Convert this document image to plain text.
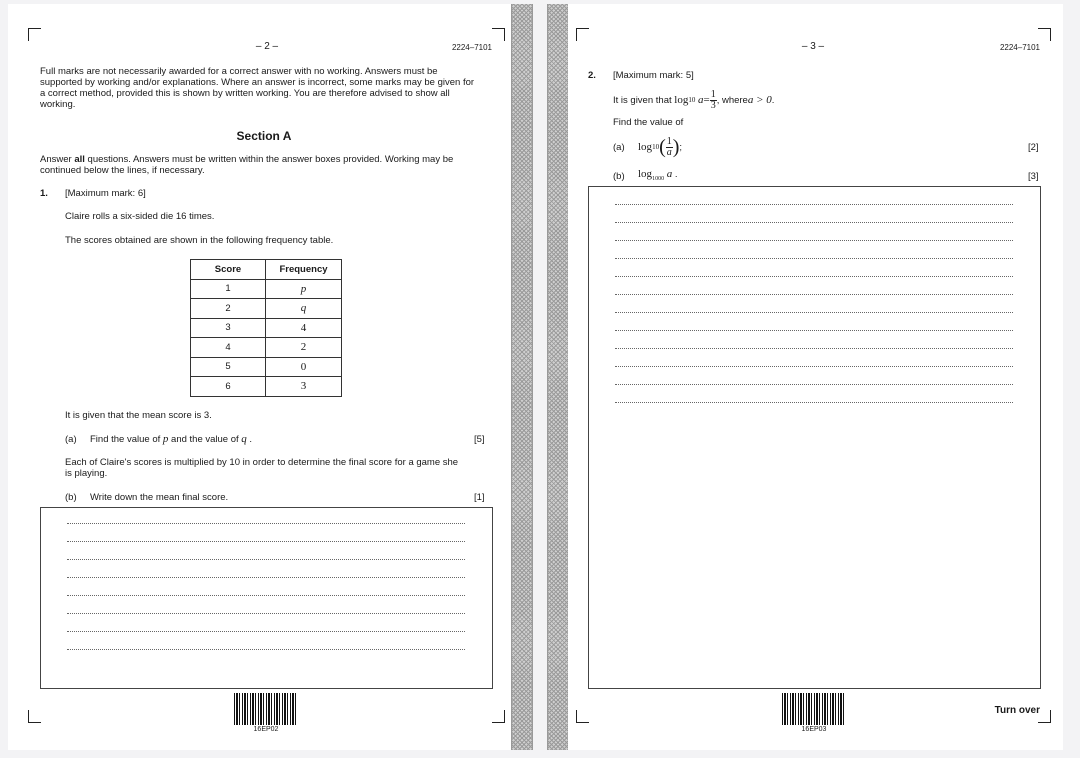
– 2 –	2224–7101
Full marks are not necessarily awarded for a correct answer with no working. Answers must be supported by working and/or explanations. Where an answer is incorrect, some marks may be given for a correct method, provided this is shown by written working. You are therefore advised to show all working.
Section A
Answer all questions. Answers must be written within the answer boxes provided. Working may be continued below the lines, if necessary.
1. [Maximum mark: 6]
Claire rolls a six-sided die 16 times.
The scores obtained are shown in the following frequency table.
Score	Frequency
1	p
2	q
3	4
4	2
5	0
6	3
It is given that the mean score is 3.
(a) Find the value of p and the value of q .	[5]
Each of Claire's scores is multiplied by 10 in order to determine the final score for a game she is playing.
(b) Write down the mean final score.	[1]
16EP02
– 3 –	2224–7101
2. [Maximum mark: 5]
It is given that
log 10
$a = \frac{1}{3}$ , where a > 0 .
Find the value of
(a) log 10 ( $\frac{1}{a}$ ) ;	[2]
(b) $\log_{1000} a$ .	[3]
16EP03
Turn over
